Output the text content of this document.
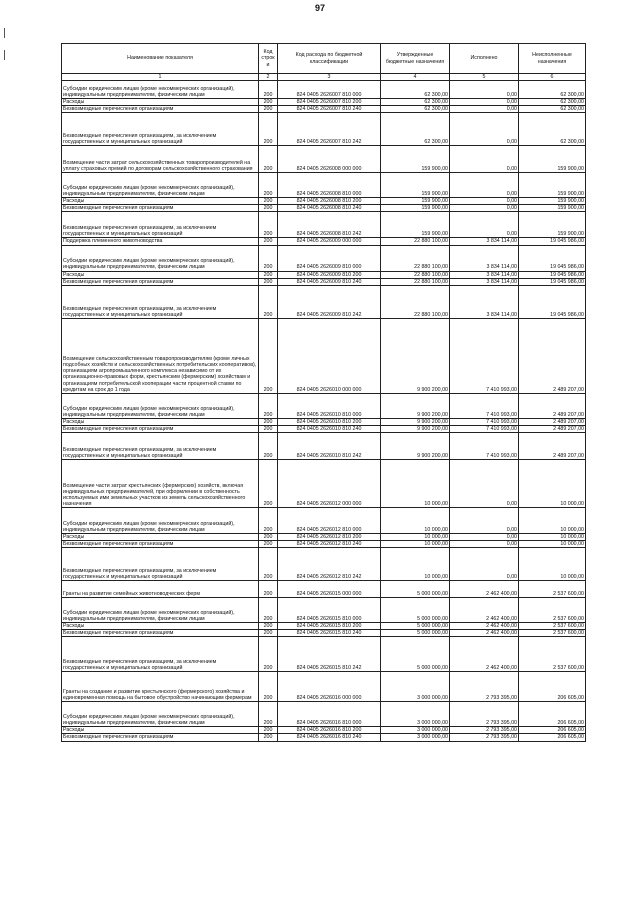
97
Наименование показателя	Код строк и	Код расхода по бюджетной классификации	Утвержденные бюджетные назначения	Исполнено	Неисполненные назначения
1	2	3	4	5	6
Субсидии юридическим лицам (кроме некоммерческих организаций), индивидуальным предпринимателям, физическим лицам	200	824 0405 2626007 810 000	62 300,00	0,00	62 300,00
Расходы	200	824 0405 2626007 810 200	62 300,00	0,00	62 300,00
Безвозмездные перечисления организациям	200	824 0405 2626007 810 240	62 300,00	0,00	62 300,00
Безвозмездные перечисления организациям, за исключением государственных и муниципальных организаций	200	824 0405 2626007 810 242	62 300,00	0,00	62 300,00
Возмещение части затрат сельскохозяйственных товаропроизводителей на уплату страховых премий по договорам сельскохозяйственного страхования	200	824 0405 2626008 000 000	159 900,00	0,00	159 900,00
Субсидии юридическим лицам (кроме некоммерческих организаций), индивидуальным предпринимателям, физическим лицам	200	824 0405 2626008 810 000	159 900,00	0,00	159 900,00
Расходы	200	824 0405 2626008 810 200	159 900,00	0,00	159 900,00
Безвозмездные перечисления организациям	200	824 0405 2626008 810 240	159 900,00	0,00	159 900,00
Безвозмездные перечисления организациям, за исключением государственных и муниципальных организаций	200	824 0405 2626008 810 242	159 900,00	0,00	159 900,00
Поддержка племенного животноводства	200	824 0405 2626009 000 000	22 880 100,00	3 834 114,00	19 045 986,00
Субсидии юридическим лицам (кроме некоммерческих организаций), индивидуальным предпринимателям, физическим лицам	200	824 0405 2626009 810 000	22 880 100,00	3 834 114,00	19 045 986,00
Расходы	200	824 0405 2626009 810 200	22 880 100,00	3 834 114,00	19 045 986,00
Безвозмездные перечисления организациям	200	824 0405 2626009 810 240	22 880 100,00	3 834 114,00	19 045 986,00
Безвозмездные перечисления организациям, за исключением государственных и муниципальных организаций	200	824 0405 2626009 810 242	22 880 100,00	3 834 114,00	19 045 986,00
Возмещение сельскохозяйственным товаропроизводителям (кроме личных подсобных хозяйств и сельскохозяйственных потребительских кооперативов), организациям агропромышленного комплекса независимо от их организационно-правовых форм, крестьянским (фермерским) хозяйствам и организациям потребительской кооперации части процентной ставки по кредитам на срок до 1 года	200	824 0405 2626010 000 000	9 900 200,00	7 410 993,00	2 489 207,00
Субсидии юридическим лицам (кроме некоммерческих организаций), индивидуальным предпринимателям, физическим лицам	200	824 0405 2626010 810 000	9 900 200,00	7 410 993,00	2 489 207,00
Расходы	200	824 0405 2626010 810 200	9 900 200,00	7 410 993,00	2 489 207,00
Безвозмездные перечисления организациям	200	824 0405 2626010 810 240	9 900 200,00	7 410 993,00	2 489 207,00
Безвозмездные перечисления организациям, за исключением государственных и муниципальных организаций	200	824 0405 2626010 810 242	9 900 200,00	7 410 993,00	2 489 207,00
Возмещение части затрат крестьянских (фермерских) хозяйств, включая индивидуальных предпринимателей, при оформлении в собственность используемых ими земельных участков из земель сельскохозяйственного назначения	200	824 0405 2626012 000 000	10 000,00	0,00	10 000,00
Субсидии юридическим лицам (кроме некоммерческих организаций), индивидуальным предпринимателям, физическим лицам	200	824 0405 2626012 810 000	10 000,00	0,00	10 000,00
Расходы	200	824 0405 2626012 810 200	10 000,00	0,00	10 000,00
Безвозмездные перечисления организациям	200	824 0405 2626012 810 240	10 000,00	0,00	10 000,00
Безвозмездные перечисления организациям, за исключением государственных и муниципальных организаций	200	824 0405 2626012 810 242	10 000,00	0,00	10 000,00
Гранты на развитие семейных животноводческих ферм	200	824 0405 2626015 000 000	5 000 000,00	2 462 400,00	2 537 600,00
Субсидии юридическим лицам (кроме некоммерческих организаций), индивидуальным предпринимателям, физическим лицам	200	824 0405 2626015 810 000	5 000 000,00	2 462 400,00	2 537 600,00
Расходы	200	824 0405 2626015 810 200	5 000 000,00	2 462 400,00	2 537 600,00
Безвозмездные перечисления организациям	200	824 0405 2626015 810 240	5 000 000,00	2 462 400,00	2 537 600,00
Безвозмездные перечисления организациям, за исключением государственных и муниципальных организаций	200	824 0405 2626015 810 242	5 000 000,00	2 462 400,00	2 537 600,00
Гранты на создание и развитие крестьянского (фермерского) хозяйства и единовременная помощь на бытовое обустройство начинающим фермерам	200	824 0405 2626016 000 000	3 000 000,00	2 793 395,00	206 605,00
Субсидии юридическим лицам (кроме некоммерческих организаций), индивидуальным предпринимателям, физическим лицам	200	824 0405 2626016 810 000	3 000 000,00	2 793 395,00	206 605,00
Расходы	200	824 0405 2626016 810 200	3 000 000,00	2 793 395,00	206 605,00
Безвозмездные перечисления организациям	200	824 0405 2626016 810 240	3 000 000,00	2 793 395,00	206 605,00
